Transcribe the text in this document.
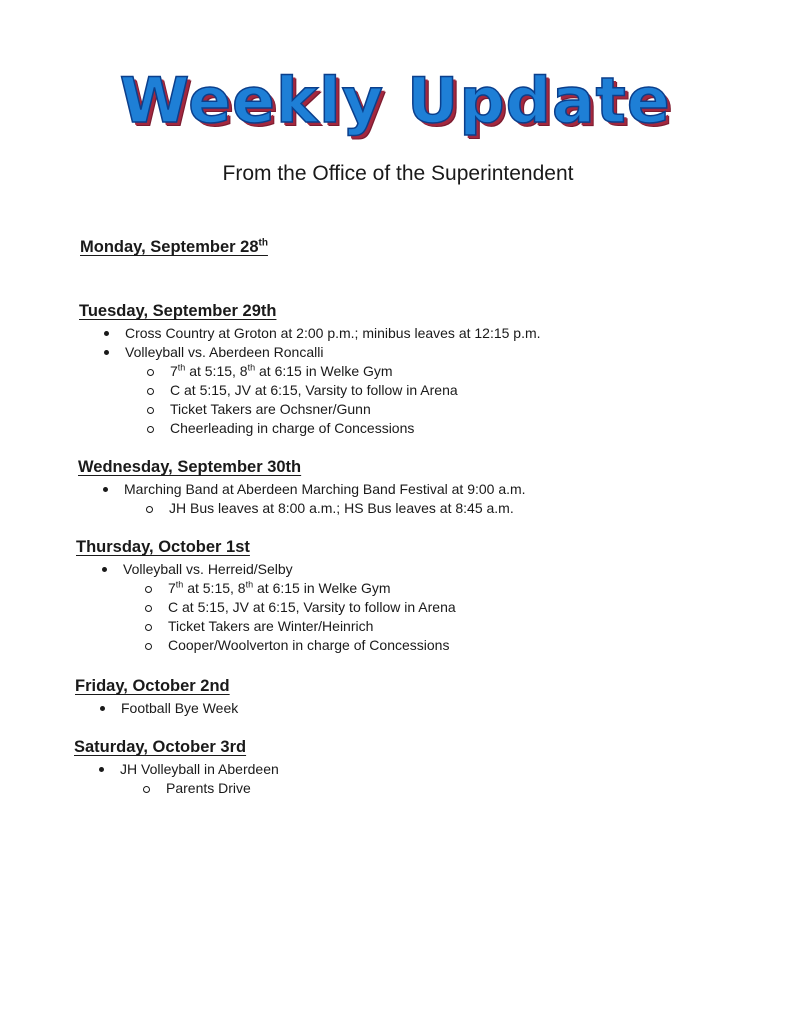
Weekly Update
From the Office of the Superintendent
Monday, September 28th
Tuesday, September 29th
Cross Country at Groton at 2:00 p.m.; minibus leaves at 12:15 p.m.
Volleyball vs. Aberdeen Roncalli
7th at 5:15, 8th at 6:15 in Welke Gym
C at 5:15, JV at 6:15, Varsity to follow in Arena
Ticket Takers are Ochsner/Gunn
Cheerleading in charge of Concessions
Wednesday, September 30th
Marching Band at Aberdeen Marching Band Festival at 9:00 a.m.
JH Bus leaves at 8:00 a.m.; HS Bus leaves at 8:45 a.m.
Thursday, October 1st
Volleyball vs. Herreid/Selby
7th at 5:15, 8th at 6:15 in Welke Gym
C at 5:15, JV at 6:15, Varsity to follow in Arena
Ticket Takers are Winter/Heinrich
Cooper/Woolverton in charge of Concessions
Friday, October 2nd
Football Bye Week
Saturday, October 3rd
JH Volleyball in Aberdeen
Parents Drive
